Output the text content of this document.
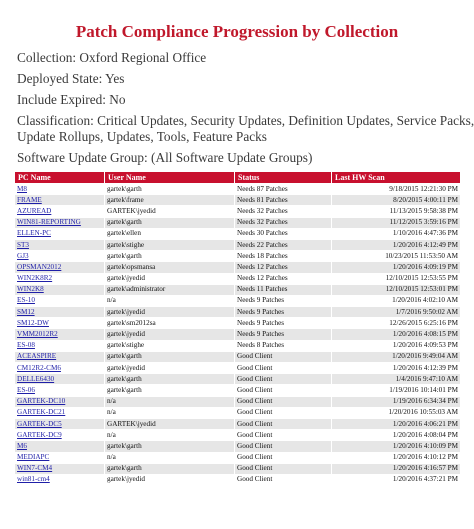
Patch Compliance Progression by Collection
Collection: Oxford Regional Office
Deployed State: Yes
Include Expired: No
Classification: Critical Updates, Security Updates, Definition Updates, Service Packs,
Update Rollups, Updates, Tools, Feature Packs
Software Update Group: (All Software Update Groups)
PC Name	User Name	Status	Last HW Scan
M8	gartek\garth	Needs 87 Patches	9/18/2015 12:21:30 PM
FRAME	gartek\frame	Needs 81 Patches	8/20/2015 4:00:11 PM
AZUREAD	GARTEK\jyedid	Needs 32 Patches	11/13/2015 9:58:38 PM
WIN81-REPORTING	gartek\garth	Needs 32 Patches	11/12/2015 3:59:16 PM
ELLEN-PC	gartek\ellen	Needs 30 Patches	1/10/2016 4:47:36 PM
ST3	gartek\stighe	Needs 22 Patches	1/20/2016 4:12:49 PM
GJ3	gartek\garth	Needs 18 Patches	10/23/2015 11:53:50 AM
OPSMAN2012	gartek\opsmansa	Needs 12 Patches	1/20/2016 4:09:19 PM
WIN2K8R2	gartek\jyedid	Needs 12 Patches	12/10/2015 12:53:55 PM
WIN2K8	gartek\administrator	Needs 11 Patches	12/10/2015 12:53:01 PM
ES-10	n/a	Needs 9 Patches	1/20/2016 4:02:10 AM
SM12	gartek\jyedid	Needs 9 Patches	1/7/2016 9:50:02 AM
SM12-DW	gartek\sm2012sa	Needs 9 Patches	12/26/2015 6:25:16 PM
VMM2012R2	gartek\jyedid	Needs 9 Patches	1/20/2016 4:08:15 PM
ES-08	gartek\stighe	Needs 8 Patches	1/20/2016 4:09:53 PM
ACEASPIRE	gartek\garth	Good Client	1/20/2016 9:49:04 AM
CM12R2-CM6	gartek\jyedid	Good Client	1/20/2016 4:12:39 PM
DELLE6430	gartek\garth	Good Client	1/4/2016 9:47:10 AM
ES-06	gartek\garth	Good Client	1/19/2016 10:14:01 PM
GARTEK-DC10	n/a	Good Client	1/19/2016 6:34:34 PM
GARTEK-DC21	n/a	Good Client	1/20/2016 10:55:03 AM
GARTEK-DC5	GARTEK\jyedid	Good Client	1/20/2016 4:06:21 PM
GARTEK-DC9	n/a	Good Client	1/20/2016 4:08:04 PM
M6	gartek\garth	Good Client	1/20/2016 4:10:09 PM
MEDIAPC	n/a	Good Client	1/20/2016 4:10:12 PM
WIN7-CM4	gartek\garth	Good Client	1/20/2016 4:16:57 PM
win81-cm4	gartek\jyedid	Good Client	1/20/2016 4:37:21 PM
